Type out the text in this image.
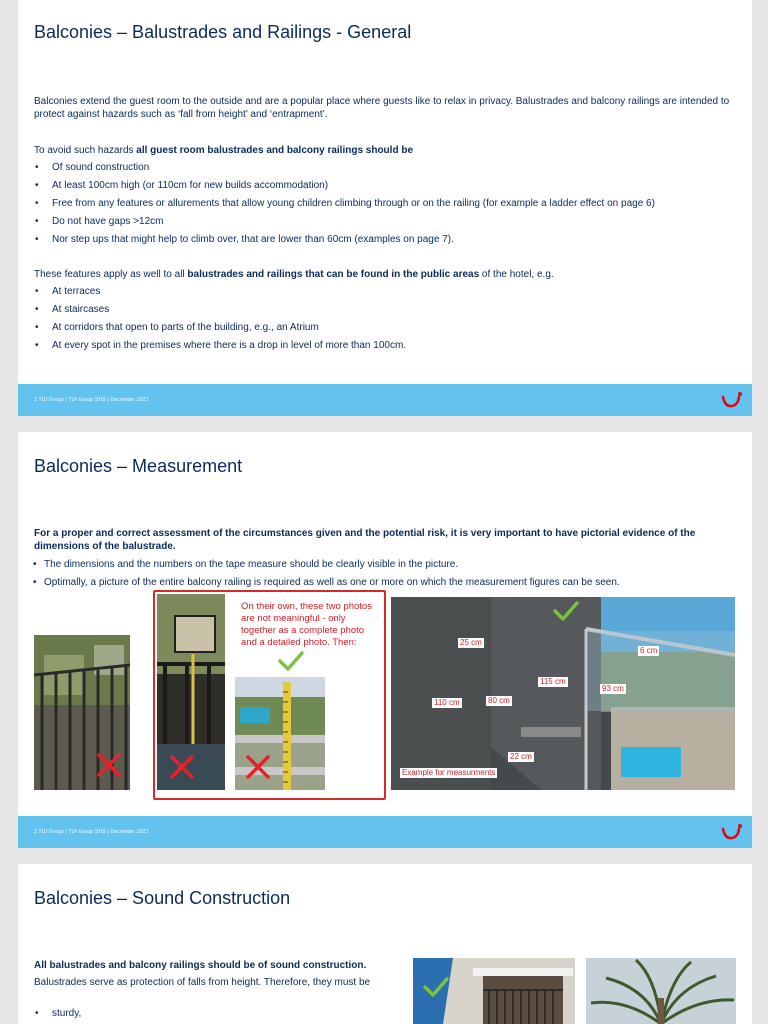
Balconies – Balustrades and Railings - General
Balconies extend the guest room to the outside and are a popular place where guests like to relax in privacy. Balustrades and balcony railings are intended to protect against hazards such as ‘fall from height’ and ‘entrapment’.
To avoid such hazards all guest room balustrades and balcony railings should be
• Of sound construction
• At least 100cm high (or 110cm for new builds accommodation)
• Free from any features or allurements that allow young children climbing through or on the railing (for example a ladder effect on page 6)
• Do not have gaps >12cm
• Nor step ups that might help to climb over, that are lower than 60cm (examples on page 7).
These features apply as well to all balustrades and railings that can be found in the public areas of the hotel, e.g.
• At terraces
• At staircases
• At corridors that open to parts of the building, e.g., an Atrium
• At every spot in the premises where there is a drop in level of more than 100cm.
1 TUI Group | TUI Group SHS | December 2021
Balconies – Measurement
For a proper and correct assessment of the circumstances given and the potential risk, it is very important to have pictorial evidence of the dimensions of the balustrade.
• The dimensions and the numbers on the tape measure should be clearly visible in the picture.
• Optimally, a picture of the entire balcony railing is required as well as one or more on which the measurement figures can be seen.
On their own, these two photos are not meaningful - only together as a complete photo and a detailed photo. Then:	25 cm
6 cm
115 cm
93 cm
110 cm	80 cm
22 cm
Example for measurments
2 TUI Group | TUI Group SHS | December 2021
Balconies – Sound Construction
All balustrades and balcony railings should be of sound construction.
Balustrades serve as protection of falls from height. Therefore, they must be
• sturdy,
